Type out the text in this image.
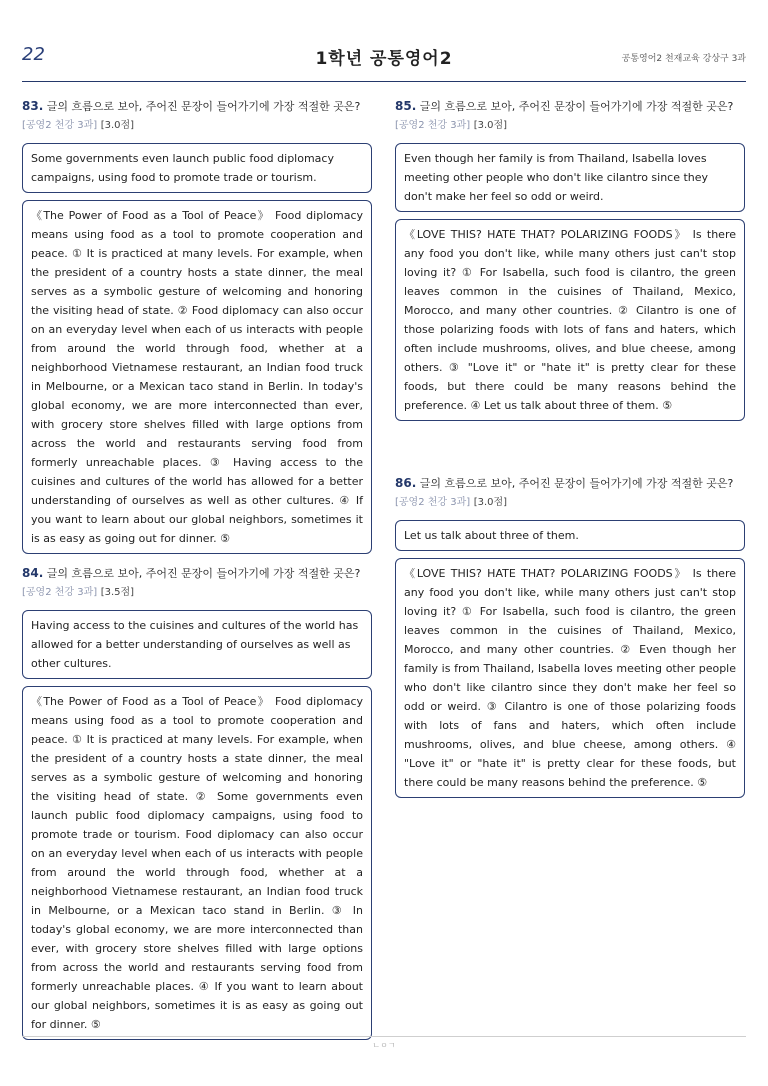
22	1학년 공통영어2	공통영어2 천재교육 강상구 3과
83. 글의 흐름으로 보아, 주어진 문장이 들어가기에 가장 적절한 곳은? [공영2 천강 3과] [3.0점]
Some governments even launch public food diplomacy campaigns, using food to promote trade or tourism.
《The Power of Food as a Tool of Peace》 Food diplomacy means using food as a tool to promote cooperation and peace. ① It is practiced at many levels. For example, when the president of a country hosts a state dinner, the meal serves as a symbolic gesture of welcoming and honoring the visiting head of state. ② Food diplomacy can also occur on an everyday level when each of us interacts with people from around the world through food, whether at a neighborhood Vietnamese restaurant, an Indian food truck in Melbourne, or a Mexican taco stand in Berlin. In today's global economy, we are more interconnected than ever, with grocery store shelves filled with large options from across the world and restaurants serving food from formerly unreachable places. ③ Having access to the cuisines and cultures of the world has allowed for a better understanding of ourselves as well as other cultures. ④ If you want to learn about our global neighbors, sometimes it is as easy as going out for dinner. ⑤
84. 글의 흐름으로 보아, 주어진 문장이 들어가기에 가장 적절한 곳은? [공영2 천강 3과] [3.5점]
Having access to the cuisines and cultures of the world has allowed for a better understanding of ourselves as well as other cultures.
《The Power of Food as a Tool of Peace》 Food diplomacy means using food as a tool to promote cooperation and peace. ① It is practiced at many levels. For example, when the president of a country hosts a state dinner, the meal serves as a symbolic gesture of welcoming and honoring the visiting head of state. ② Some governments even launch public food diplomacy campaigns, using food to promote trade or tourism. Food diplomacy can also occur on an everyday level when each of us interacts with people from around the world through food, whether at a neighborhood Vietnamese restaurant, an Indian food truck in Melbourne, or a Mexican taco stand in Berlin. ③ In today's global economy, we are more interconnected than ever, with grocery store shelves filled with large options from across the world and restaurants serving food from formerly unreachable places. ④ If you want to learn about our global neighbors, sometimes it is as easy as going out for dinner. ⑤
85. 글의 흐름으로 보아, 주어진 문장이 들어가기에 가장 적절한 곳은? [공영2 천강 3과] [3.0점]
Even though her family is from Thailand, Isabella loves meeting other people who don't like cilantro since they don't make her feel so odd or weird.
《LOVE THIS? HATE THAT? POLARIZING FOODS》 Is there any food you don't like, while many others just can't stop loving it? ① For Isabella, such food is cilantro, the green leaves common in the cuisines of Thailand, Mexico, Morocco, and many other countries. ② Cilantro is one of those polarizing foods with lots of fans and haters, which often include mushrooms, olives, and blue cheese, among others. ③ "Love it" or "hate it" is pretty clear for these foods, but there could be many reasons behind the preference. ④ Let us talk about three of them. ⑤
86. 글의 흐름으로 보아, 주어진 문장이 들어가기에 가장 적절한 곳은? [공영2 천강 3과] [3.0점]
Let us talk about three of them.
《LOVE THIS? HATE THAT? POLARIZING FOODS》 Is there any food you don't like, while many others just can't stop loving it? ① For Isabella, such food is cilantro, the green leaves common in the cuisines of Thailand, Mexico, Morocco, and many other countries. ② Even though her family is from Thailand, Isabella loves meeting other people who don't like cilantro since they don't make her feel so odd or weird. ③ Cilantro is one of those polarizing foods with lots of fans and haters, which often include mushrooms, olives, and blue cheese, among others. ④ "Love it" or "hate it" is pretty clear for these foods, but there could be many reasons behind the preference. ⑤
ㄴㅇㄱ
